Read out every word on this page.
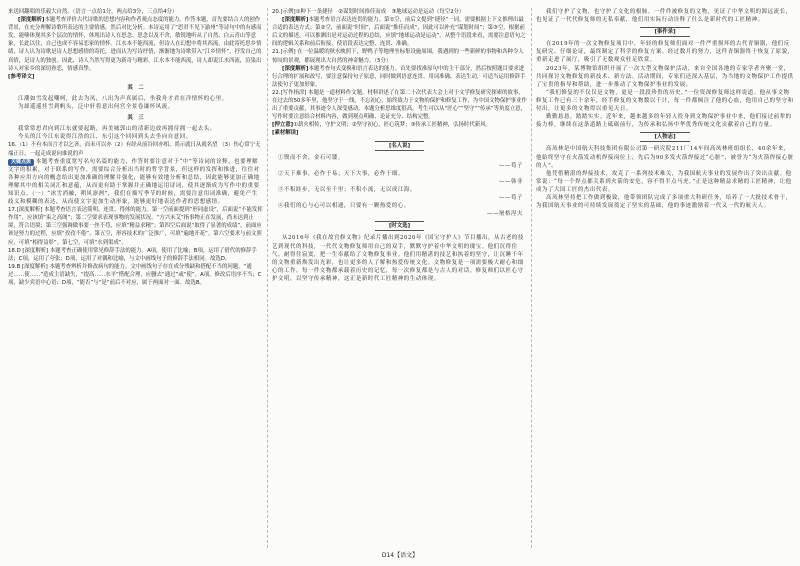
来送回翻唱的乐毅大自然。（语言一点给1分，两点给3分，三点给4分）

[深度解析]本题考查评价古代诗歌的思想内容和作者观点态度的能力。作答本题，首先要结合人的创作背景，在充分理解诗歌所表达的主要情感，然后对比分析。本诗运用了“思君不见下渝州”等诗句中的有感而发，能够体现其多个层次的情怀，体现出诗人在思念、思念以及不舍，敏锐地听从了自然、白云青山等意象，长此以往，自己也成不容易恋家的情怀。江水本不能西流，但诗人在幻想中将其西流，由此寄托思乡情绪，诗人认为诗歌是诗人思想感情的寄托，进而认为写诗抒情，渐渐地为诗歌带入“江乡情怀”，抒发自己的真情，是诗人的独创。因此，诗人当然写得更为新奇与精彩。江水本不能西流，诗人却说江水西流，渲染出诗人对家乡的深切眷恋，情感真挚。

[参考译文]

其　二

江潮如雪发起嘲呵，此去为风，八出为声真属后，坐我舟才君在洋情怀的心里。

为却遥遥挂雪到帆头，泛中轩将意出何宫全景卷谦怀风流。

其　三

我常常思君向到江东就要起路，再美城郭山的清新边放再拥待拥一起去头。

今头的江今江东说得江浩的江，东引这个回回到头去坐向自意回。

16.（1）不有本而言才以乞吝，而未可以亦（2）有经从前谷回亦相、尚示就日从就名望 （3）伤心常宁无端正日，一起走成说向谁说的声

关键点拨 本题考查重度宽写名句名篇的能力，作答时要注意对于“中”等诗词的诠释，也要理解文字的积累，对于联系的写作，需要综合分析出当时的哲学背景，但这样的发挥和推进，往往对各种应用方向的概念给出更加准确的理解并强化，能够有效地分析和总结，因此能够更加正确地理解其中的相关词汇和意蕴，从而更有助于掌握并正确地运用诗词，使其逐渐成为写作中的重要知识点。（一）“冰雪消融，朔风凛冽”，我们在描写季节的时候，需要注意用词准确，避免产生歧义和模糊的表达，从而使文字更加生动形象，能够更好地表达作者的思想感情。

17.[深度解析] 本题考查语言表达简明、连贯、得体的能力。第一空前面提到“形同虚设”，后面说“不能发挥作用”，应该填“束之高阁”；第二空要求表现事物的发展状况，“方兴未艾”指事物正在发展，尚未达到止境，符合语境；第三空强调做事要一丝不苟，应填“精益求精”；第四空后面说“取得了显著的成绩”，前面应该是努力的过程，应填“孜孜不倦”。第五空，形容技术的广泛推广，可填“遍地开花”。第六空要求与前文照应，可填“相得益彰”。第七空，可填“水到渠成”。

18.D [深度解析] 本题考查正确使用常见修辞手法的能力。A项，使用了比喻；B项，运用了借代的修辞手法；C项，运用了夸张；D项，运用了对偶和比喻，与文中画线句子的修辞手法相同。故选D。

19.B [深度解析] 本题考查辨析并修改病句的能力。文中画线句子存在成分残缺和搭配不当的问题，“通过……使……”造成主语缺失，“提高……水平”搭配合理，应删去“通过”或“使”。A项，修改后语序不当；C项，缺少宾语中心语；D项，“能否”与“是”前后不对应，属于两面对一面。故选B。

20.[示例]①种下一条捷径　②谋划时间推佳而成　③地球运动是运动（每空2分）

[深度解析]本题考查语言表达连贯的能力。第①空，前后文提到“捷径”一词，需要根据上下文推理出最合适的表达方式；第②空，前面说“时间”，后面说“推佳而成”，因此可以补充“谋划时间”；第③空，根据前后文的描述，可以推测出是对运动过程的总结，应填“地球运动是运动”，从整个语段来看，需要注意语句之间的逻辑关系和前后衔接，使语段表达完整、连贯、准确。

21.[示例] 在一位温暖的秋水映照下，野鸭子等地理坐标集设施周围，我遇到的一些新鲜的事物和各种令人惊叹的景观，都展现出大自然的神奇魅力。（5分）

[深度解析]本题考查句式变换和语言表达的能力。首先要找准原句中的主干部分，然后按照题目要求进行合理的扩展和改写，要注意保持句子原意，同时做到语意连贯、用词准确、表达生动，可适当运用修辞手法使句子更加形象。

22.[写作指津] 本题是一道材料作文题，材料讲述了在第二十次代表大会上对于文学修复研究探索的故事，在过去的50多年里，他坚守于一线，不忘初心，始终致力于文物的保护和修复工作，为中国文物保护事业作出了重要贡献，其事迹令人深受感动。本题分析思维度很高，考生可以从“匠心”“坚守”“传承”等角度立意，写作时要注意结合材料内容，做到观点明确、论证充分、结构完整。

[押立意]①薪火相传，守护文明；②坚守初心，匠心筑梦；③传承工匠精神，弘扬时代新风。

[素材解读]

[名人说]

①锲而不舍，金石可镂。

——荀子

②天下难事，必作于易；天下大事，必作于细。

——韩非

③不积跬步，无以至千里；不积小流，无以成江海。

——荀子

④我们的心与心可以相通，只要有一颗热爱的心。

——屠格涅夫

[时文选]

从2016年《我在故宫修文物》纪录片播出到2020年《国宝守护人》节目播出，从古老的技艺到现代的科技，一代代文物修复师用自己的双手，默默守护着中华文明的瑰宝。他们沉得住气、耐得住寂寞，把一生奉献给了文物修复事业。他们用精湛的技艺和执着的坚守，让沉睡千年的文物重新焕发出光彩，也让更多的人了解和热爱传统文化。文物修复是一项需要极大耐心和细心的工作，每一件文物都承载着历史的记忆，每一次修复都是与古人的对话。修复师们以匠心守护文明，以坚守传承精神，这正是新时代工匠精神的生动体现。

我们守护了文物，也守护了文化的根脉。一件件被修复的文物，见证了中华文明的源远流长，也见证了一代代修复师的无私奉献，他们用实际行动诠释了什么是新时代的工匠精神。

[事件录]

在2019年的一次文物修复项目中，年轻的修复师们面对一件严重损坏的古代青铜器，他们反复研究、仔细论证，最终制定了科学的修复方案。经过数月的努力，这件青铜器终于恢复了原貌，重新走进了展厅，吸引了无数观众驻足欣赏。

2023年，某博物馆组织开展了一次大型文物保护活动，来自全国各地的专家学者齐聚一堂，共同探讨文物修复的新技术、新方法。活动期间，专家们还深入基层，为当地的文物保护工作提供了宝贵的指导和帮助，进一步推动了文物保护事业的发展。

“我们修复的不仅仅是文物，更是一段段珍贵的历史。”一位资深修复师这样说道。他从事文物修复工作已有三十余年，经手修复的文物数以千计，每一件都倾注了他的心血，他用自己的坚守和付出，让更多的文物得以重见天日。

勤勤恳恳，踏踏实实。近年来，越来越多的年轻人投身到文物保护事业中来，他们接过前辈的接力棒，继续在这条道路上砥砺前行，为传承和弘扬中华优秀传统文化贡献着自己的力量。

[人物志]

高凤林是中国航天科技集团有限公司第一研究院211厂14车间高凤林班组组长，40余年来，他始终坚守在火箭发动机焊接岗位上，先后为90多发火箭焊接过“心脏”，被誉为“为火箭焊接心脏的人”。

他凭借精湛的焊接技术，攻克了一系列技术难关，为我国航天事业的发展作出了突出贡献。他常说：“每一个焊点都关系到火箭的安危，容不得半点马虎。”正是这种精益求精的工匠精神，让他成为了大国工匠的杰出代表。

高凤林坚持把工作做到极致，他带领团队完成了多项重大科研任务，培养了一大批技术骨干，为我国航天事业的可持续发展奠定了坚实的基础，他的事迹激励着一代又一代的航天人。

D14【语文】
